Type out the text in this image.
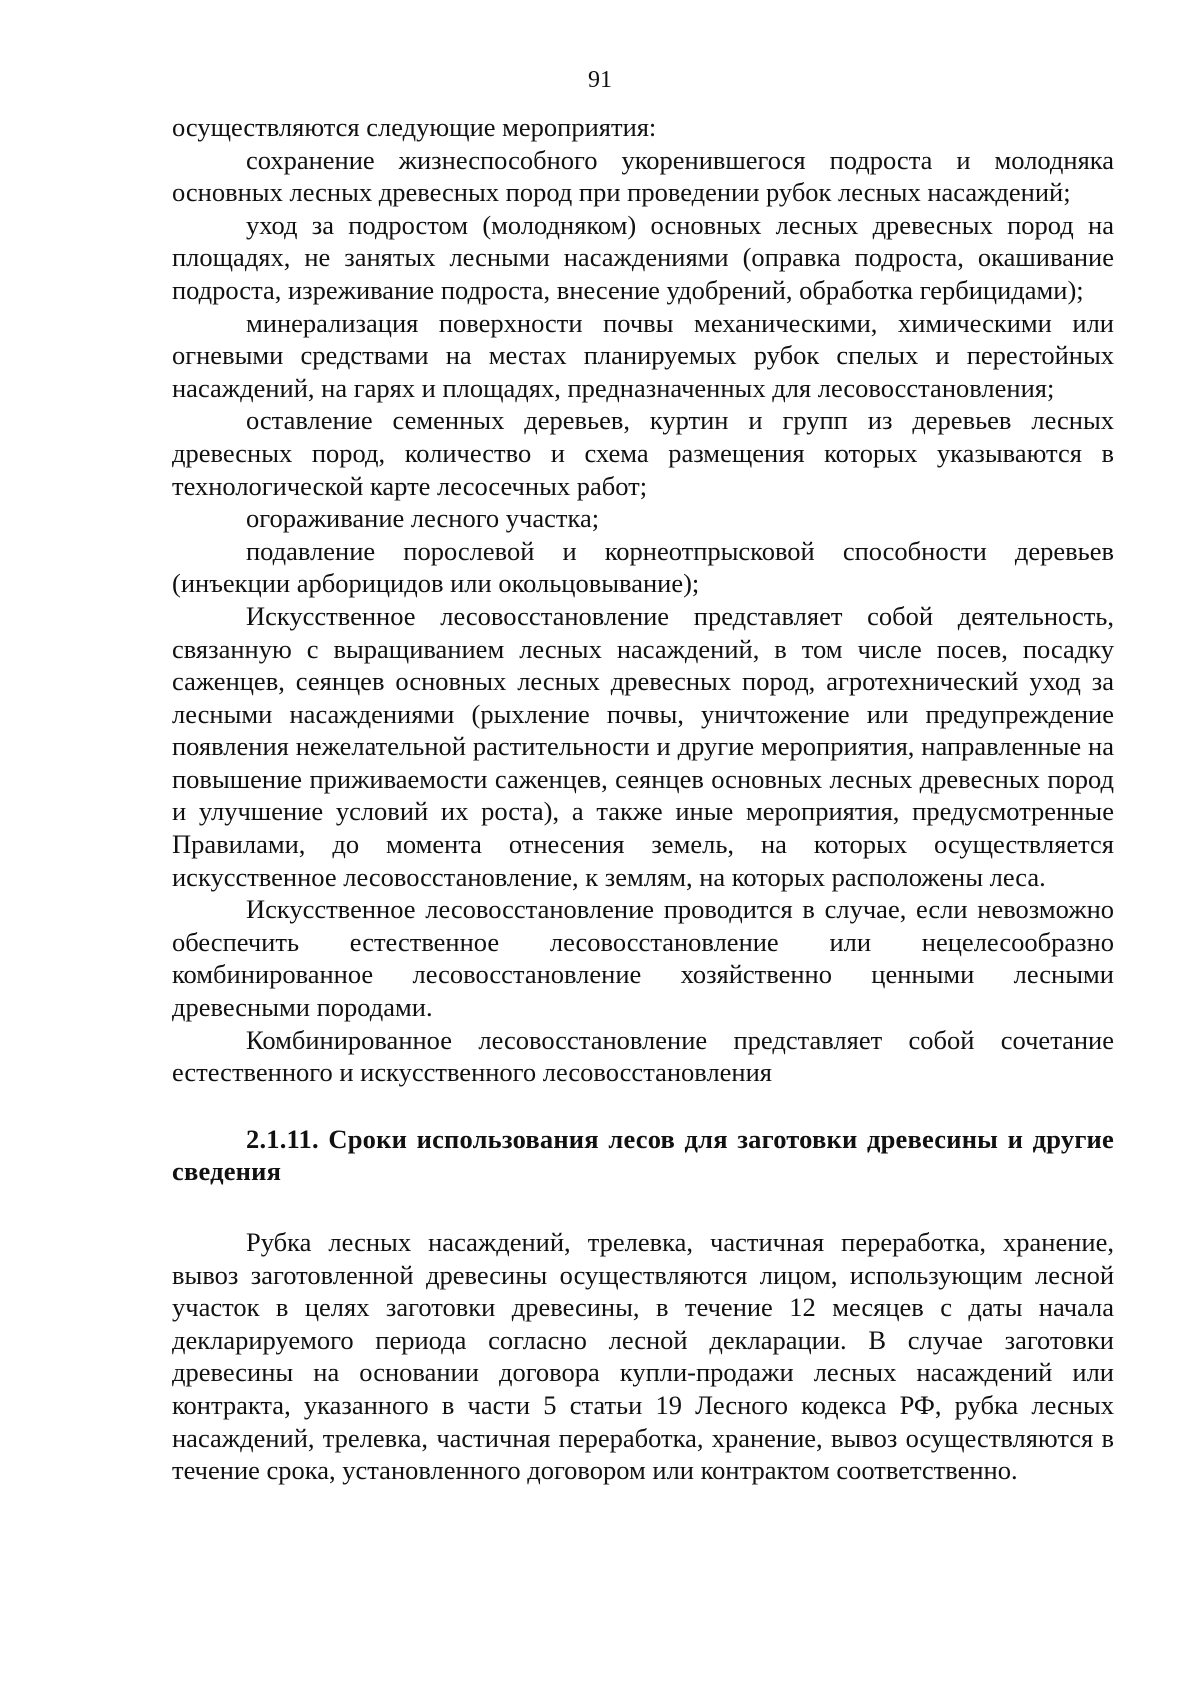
91

осуществляются следующие мероприятия:

сохранение жизнеспособного укоренившегося подроста и молодняка основных лесных древесных пород при проведении рубок лесных насаждений;

уход за подростом (молодняком) основных лесных древесных пород на площадях, не занятых лесными насаждениями (оправка подроста, окашивание подроста, изреживание подроста, внесение удобрений, обработка гербицидами);

минерализация поверхности почвы механическими, химическими или огневыми средствами на местах планируемых рубок спелых и перестойных насаждений, на гарях и площадях, предназначенных для лесовосстановления;

оставление семенных деревьев, куртин и групп из деревьев лесных древесных пород, количество и схема размещения которых указываются в технологической карте лесосечных работ;

огораживание лесного участка;

подавление порослевой и корнеотпрысковой способности деревьев (инъекции арборицидов или окольцовывание);

Искусственное лесовосстановление представляет собой деятельность, связанную с выращиванием лесных насаждений, в том числе посев, посадку саженцев, сеянцев основных лесных древесных пород, агротехнический уход за лесными насаждениями (рыхление почвы, уничтожение или предупреждение появления нежелательной растительности и другие мероприятия, направленные на повышение приживаемости саженцев, сеянцев основных лесных древесных пород и улучшение условий их роста), а также иные мероприятия, предусмотренные Правилами, до момента отнесения земель, на которых осуществляется искусственное лесовосстановление, к землям, на которых расположены леса.

Искусственное лесовосстановление проводится в случае, если невозможно обеспечить естественное лесовосстановление или нецелесообразно комбинированное лесовосстановление хозяйственно ценными лесными древесными породами.

Комбинированное лесовосстановление представляет собой сочетание естественного и искусственного лесовосстановления

2.1.11. Сроки использования лесов для заготовки древесины и другие сведения

Рубка лесных насаждений, трелевка, частичная переработка, хранение, вывоз заготовленной древесины осуществляются лицом, использующим лесной участок в целях заготовки древесины, в течение 12 месяцев с даты начала декларируемого периода согласно лесной декларации. В случае заготовки древесины на основании договора купли-продажи лесных насаждений или контракта, указанного в части 5 статьи 19 Лесного кодекса РФ, рубка лесных насаждений, трелевка, частичная переработка, хранение, вывоз осуществляются в течение срока, установленного договором или контрактом соответственно.
